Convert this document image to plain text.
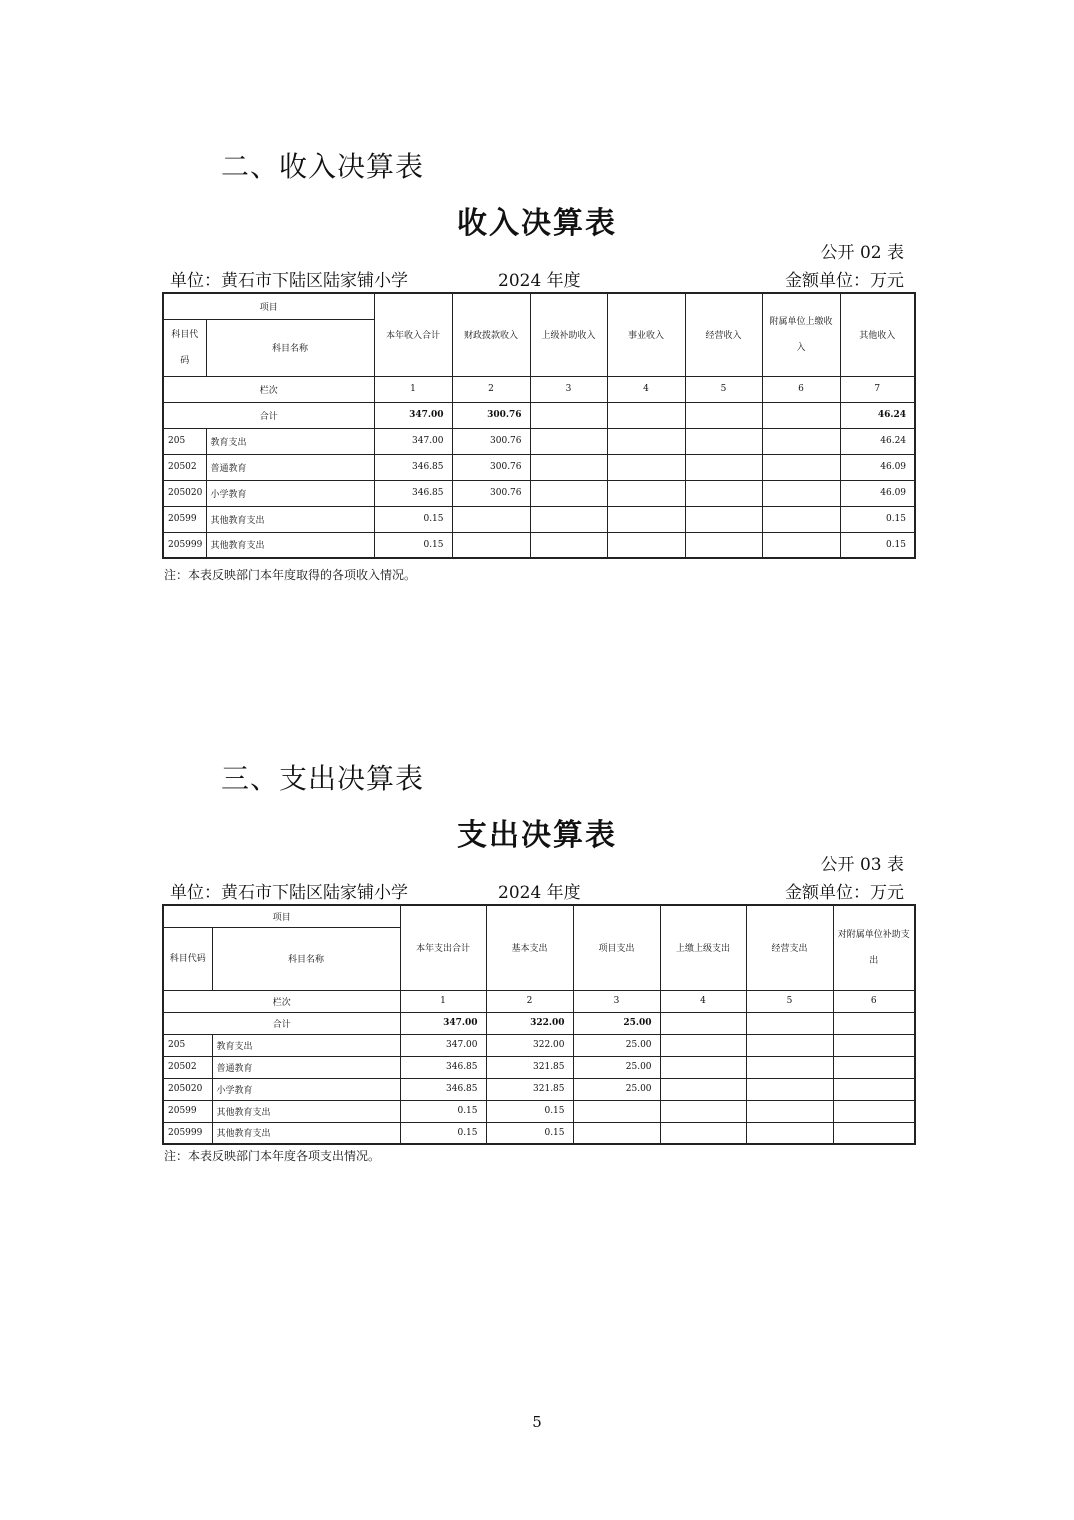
二、收入决算表
收入决算表
公开 02 表
单位：黄石市下陆区陆家铺小学	2024 年度	金额单位：万元
项目		本年收入合计	财政拨款收入	上级补助收入	事业收入	经营收入	附属单位上缴收入	其他收入
科目代码	科目名称							
栏次		1	2	3	4	5	6	7
合计		347.00	300.76					46.24
205	教育支出	347.00	300.76					46.24
20502	普通教育	346.85	300.76					46.09
205020	小学教育	346.85	300.76					46.09
20599	其他教育支出	0.15						0.15
205999	其他教育支出	0.15						0.15
注：本表反映部门本年度取得的各项收入情况。
三、支出决算表
支出决算表
公开 03 表
单位：黄石市下陆区陆家铺小学	2024 年度	金额单位：万元
项目		本年支出合计	基本支出	项目支出	上缴上级支出	经营支出	对附属单位补助支出
科目代码	科目名称						
栏次		1	2	3	4	5	6
合计		347.00	322.00	25.00			
205	教育支出	347.00	322.00	25.00			
20502	普通教育	346.85	321.85	25.00			
205020	小学教育	346.85	321.85	25.00			
20599	其他教育支出	0.15	0.15				
205999	其他教育支出	0.15	0.15				
注：本表反映部门本年度各项支出情况。
5
